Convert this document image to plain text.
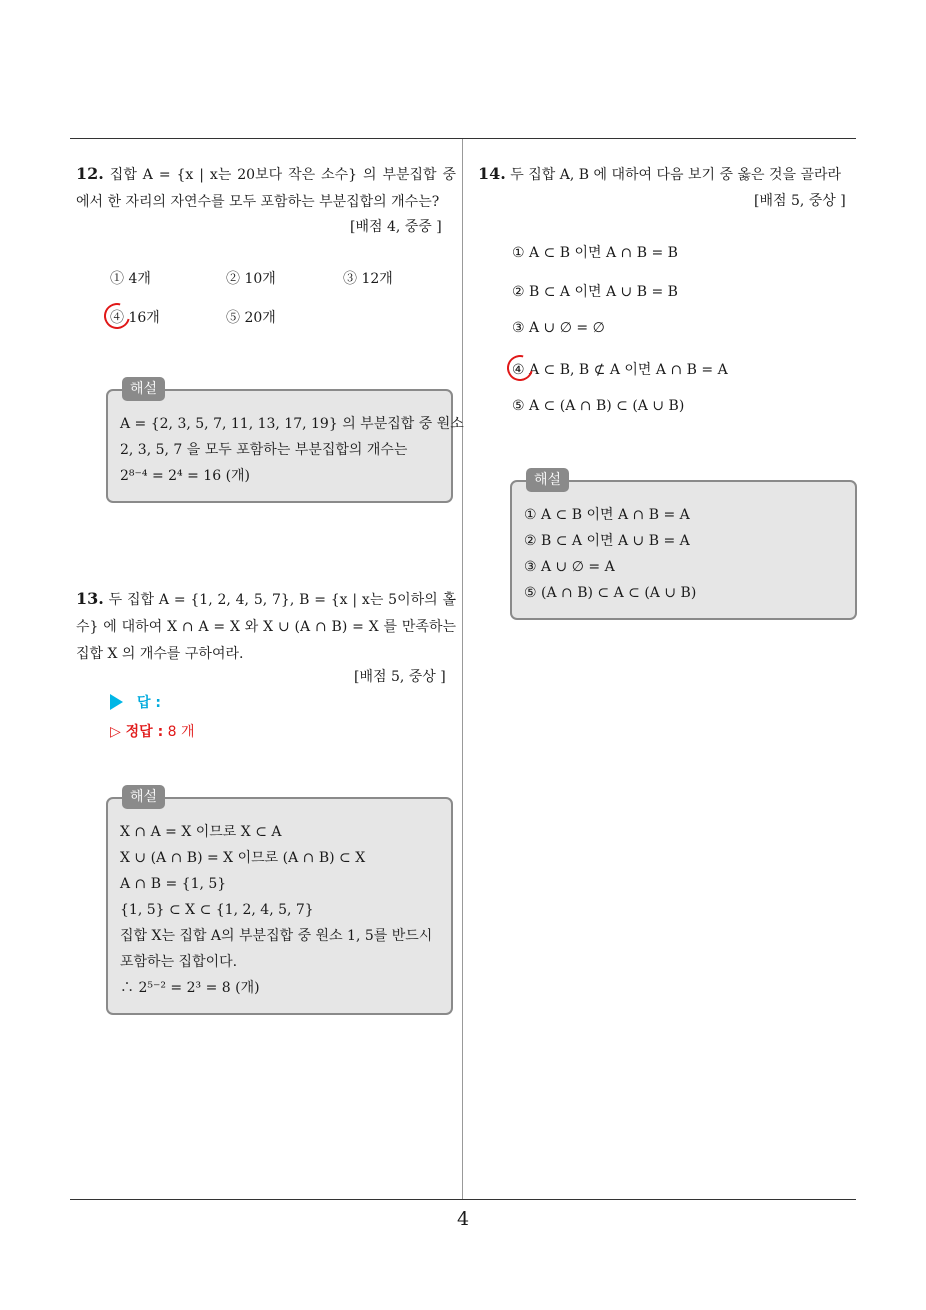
12. 집합 A = {x | x는 20보다 작은 소수} 의 부분집합 중 에서 한 자리의 자연수를 모두 포함하는 부분집합의 개수는?
[배점 4, 중중 ]
① 4개	② 10개	③ 12개
④ 16개	⑤ 20개
해설
A = {2, 3, 5, 7, 11, 13, 17, 19} 의 부분집합 중 원소
2, 3, 5, 7 을 모두 포함하는 부분집합의 개수는
2⁸⁻⁴ = 2⁴ = 16 (개)
13. 두 집합 A = {1, 2, 4, 5, 7}, B = {x | x는 5이하의 홀수} 에 대하여 X ∩ A = X 와 X ∪ (A ∩ B) = X 를 만족하는 집합 X 의 개수를 구하여라.
[배점 5, 중상 ]
답 :
▷ 정답 : 8 개
해설
X ∩ A = X 이므로 X ⊂ A
X ∪ (A ∩ B) = X 이므로 (A ∩ B) ⊂ X
A ∩ B = {1, 5}
{1, 5} ⊂ X ⊂ {1, 2, 4, 5, 7}
집합 X는 집합 A의 부분집합 중 원소 1, 5를 반드시 포함하는 집합이다.
∴ 2⁵⁻² = 2³ = 8 (개)
14. 두 집합 A, B 에 대하여 다음 보기 중 옳은 것을 골라라
[배점 5, 중상 ]
① A ⊂ B 이면 A ∩ B = B
② B ⊂ A 이면 A ∪ B = B
③ A ∪ ∅ = ∅
④ A ⊂ B, B ⊄ A 이면 A ∩ B = A
⑤ A ⊂ (A ∩ B) ⊂ (A ∪ B)
해설
① A ⊂ B 이면 A ∩ B = A
② B ⊂ A 이면 A ∪ B = A
③ A ∪ ∅ = A
⑤ (A ∩ B) ⊂ A ⊂ (A ∪ B)
4
